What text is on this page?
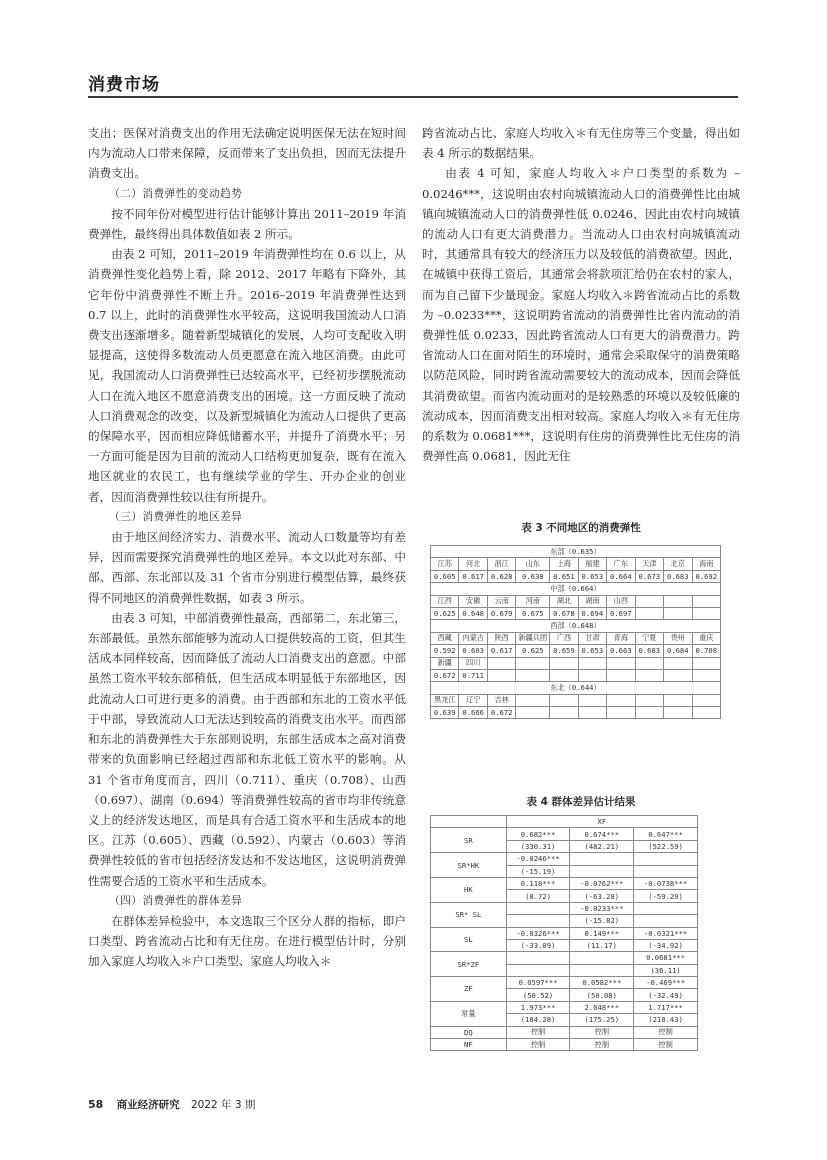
消费市场

支出；医保对消费支出的作用无法确定说明医保无法在短时间内为流动人口带来保障，反而带来了支出负担，因而无法提升消费支出。

（二）消费弹性的变动趋势

按不同年份对模型进行估计能够计算出 2011–2019 年消费弹性，最终得出具体数值如表 2 所示。

由表 2 可知，2011–2019 年消费弹性均在 0.6 以上，从消费弹性变化趋势上看，除 2012、2017 年略有下降外，其它年份中消费弹性不断上升。2016–2019 年消费弹性达到 0.7 以上，此时的消费弹性水平较高，这说明我国流动人口消费支出逐渐增多。随着新型城镇化的发展，人均可支配收入明显提高，这使得多数流动人员更愿意在流入地区消费。由此可见，我国流动人口消费弹性已达较高水平，已经初步摆脱流动人口在流入地区不愿意消费支出的困境。这一方面反映了流动人口消费观念的改变，以及新型城镇化为流动人口提供了更高的保障水平，因而相应降低储蓄水平，并提升了消费水平；另一方面可能是因为目前的流动人口结构更加复杂，既有在流入地区就业的农民工，也有继续学业的学生、开办企业的创业者，因而消费弹性较以往有所提升。

（三）消费弹性的地区差异

由于地区间经济实力、消费水平、流动人口数量等均有差异，因而需要探究消费弹性的地区差异。本文以此对东部、中部、西部、东北部以及 31 个省市分别进行模型估算，最终获得不同地区的消费弹性数据，如表 3 所示。

由表 3 可知，中部消费弹性最高，西部第二，东北第三，东部最低。虽然东部能够为流动人口提供较高的工资，但其生活成本同样较高，因而降低了流动人口消费支出的意愿。中部虽然工资水平较东部稍低，但生活成本明显低于东部地区，因此流动人口可进行更多的消费。由于西部和东北的工资水平低于中部，导致流动人口无法达到较高的消费支出水平。而西部和东北的消费弹性大于东部则说明，东部生活成本之高对消费带来的负面影响已经超过西部和东北低工资水平的影响。从 31 个省市角度而言，四川（0.711）、重庆（0.708）、山西（0.697）、湖南（0.694）等消费弹性较高的省市均非传统意义上的经济发达地区，而是具有合适工资水平和生活成本的地区。江苏（0.605）、西藏（0.592）、内蒙古（0.603）等消费弹性较低的省市包括经济发达和不发达地区，这说明消费弹性需要合适的工资水平和生活成本。

（四）消费弹性的群体差异

在群体差异检验中，本文选取三个区分人群的指标，即户口类型、跨省流动占比和有无住房。在进行模型估计时，分别加入家庭人均收入＊户口类型、家庭人均收入＊

跨省流动占比、家庭人均收入＊有无住房等三个变量，得出如表 4 所示的数据结果。

由表 4 可知，家庭人均收入＊户口类型的系数为 –0.0246***，这说明由农村向城镇流动人口的消费弹性比由城镇向城镇流动人口的消费弹性低 0.0246，因此由农村向城镇的流动人口有更大消费潜力。当流动人口由农村向城镇流动时，其通常具有较大的经济压力以及较低的消费欲望。因此，在城镇中获得工资后，其通常会将款项汇给仍在农村的家人，而为自己留下少量现金。家庭人均收入＊跨省流动占比的系数为 –0.0233***，这说明跨省流动的消费弹性比省内流动的消费弹性低 0.0233，因此跨省流动人口有更大的消费潜力。跨省流动人口在面对陌生的环境时，通常会采取保守的消费策略以防范风险，同时跨省流动需要较大的流动成本，因而会降低其消费欲望。而省内流动面对的是较熟悉的环境以及较低廉的流动成本，因而消费支出相对较高。家庭人均收入＊有无住房的系数为 0.0681***，这说明有住房的消费弹性比无住房的消费弹性高 0.0681，因此无住

表 3 不同地区的消费弹性

东部（0.635）									
江苏	河北	浙江	山东	上海	福建	广东	天津	北京	海南
0.605	0.617	0.628	0.638	0.651	0.653	0.664	0.673	0.683	0.692
中部（0.664）									
江西	安徽	云南	河南	湖北	湖南	山西			
0.625	0.648	0.679	0.675	0.678	0.694	0.697			
西部（0.648）									
西藏	内蒙古	陕西	新疆兵团	广西	甘肃	青海	宁夏	贵州	重庆
0.592	0.603	0.617	0.625	0.659	0.653	0.663	0.683	0.684	0.708
新疆	四川								
0.672	0.711								
东北（0.644）									
黑龙江	辽宁	吉林							
0.639	0.666	0.672							

表 4 群体差异估计结果

	XF		
SR	0.682***	0.674***	0.647***
	(330.31)	(482.21)	(522.59)
SR*HK	-0.0246***		
	(-15.19)		
HK	0.118***	-0.0762***	-0.0738***
	(8.72)	(-63.28)	(-59.29)
SR* SL		-0.0233***	
		(-15.82)	
SL	-0.0326***	0.149***	-0.0321***
	(-33.09)	(11.17)	(-34.92)
SR*ZF			0.0681***
			(36.11)
ZF	0.0597***	0.0582***	-0.469***
	(50.52)	(50.08)	(-32.49)
常量	1.973***	2.048***	1.717***
	(184.28)	(175.25)	(218.43)
DQ	控制	控制	控制
NF	控制	控制	控制
58 商业经济研究 2022 年 3 期
